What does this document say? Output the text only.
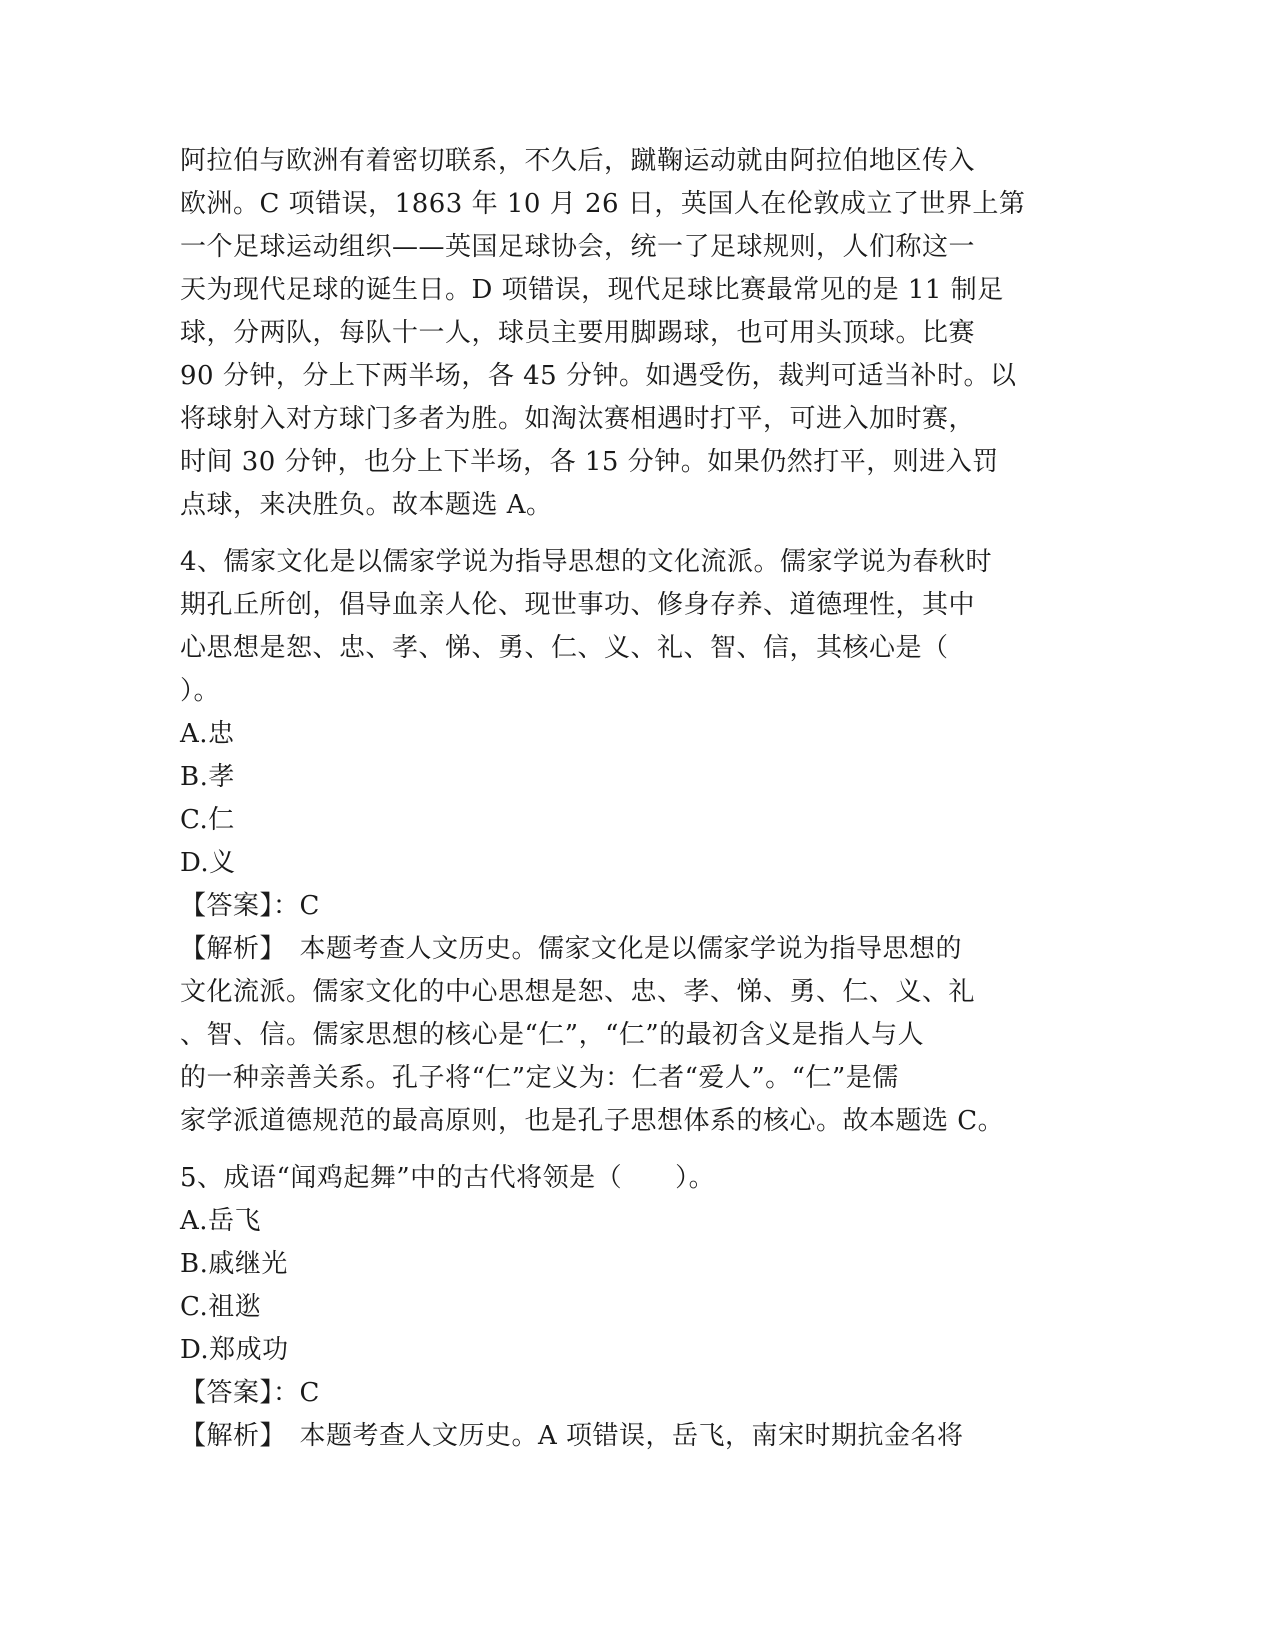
阿拉伯与欧洲有着密切联系，不久后，蹴鞠运动就由阿拉伯地区传入
欧洲。C 项错误，1863 年 10 月 26 日，英国人在伦敦成立了世界上第
一个足球运动组织——英国足球协会，统一了足球规则，人们称这一
天为现代足球的诞生日。D 项错误，现代足球比赛最常见的是 11 制足
球，分两队，每队十一人，球员主要用脚踢球，也可用头顶球。比赛
90 分钟，分上下两半场，各 45 分钟。如遇受伤，裁判可适当补时。以
将球射入对方球门多者为胜。如淘汰赛相遇时打平，可进入加时赛，
时间 30 分钟，也分上下半场，各 15 分钟。如果仍然打平，则进入罚
点球，来决胜负。故本题选 A。
4、儒家文化是以儒家学说为指导思想的文化流派。儒家学说为春秋时
期孔丘所创，倡导血亲人伦、现世事功、修身存养、道德理性，其中
心思想是恕、忠、孝、悌、勇、仁、义、礼、智、信，其核心是（
）。
A.忠
B.孝
C.仁
D.义
【答案】：C
【解析】　本题考查人文历史。儒家文化是以儒家学说为指导思想的
文化流派。儒家文化的中心思想是恕、忠、孝、悌、勇、仁、义、礼
、智、信。儒家思想的核心是“仁”，“仁”的最初含义是指人与人
的一种亲善关系。孔子将“仁”定义为：仁者“爱人”。“仁”是儒
家学派道德规范的最高原则，也是孔子思想体系的核心。故本题选 C。
5、成语“闻鸡起舞”中的古代将领是（　　）。
A.岳飞
B.戚继光
C.祖逖
D.郑成功
【答案】：C
【解析】　本题考查人文历史。A 项错误，岳飞，南宋时期抗金名将
